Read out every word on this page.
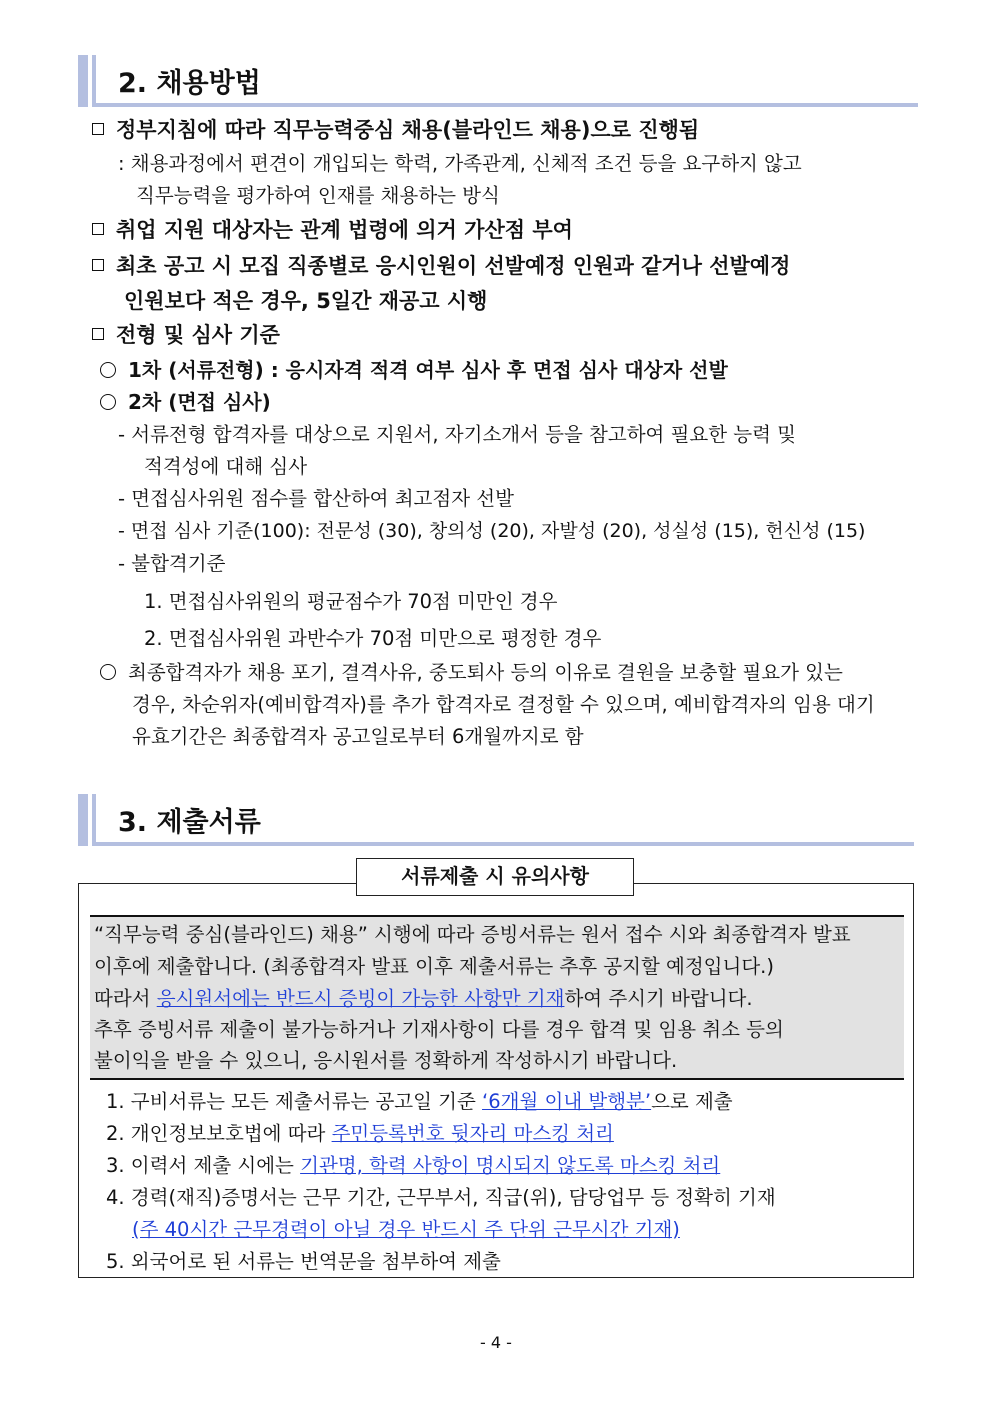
2. 채용방법
정부지침에 따라 직무능력중심 채용(블라인드 채용)으로 진행됨
: 채용과정에서 편견이 개입되는 학력, 가족관계, 신체적 조건 등을 요구하지 않고
직무능력을 평가하여 인재를 채용하는 방식
취업 지원 대상자는 관계 법령에 의거 가산점 부여
최초 공고 시 모집 직종별로 응시인원이 선발예정 인원과 같거나 선발예정
인원보다 적은 경우, 5일간 재공고 시행
전형 및 심사 기준
1차 (서류전형) : 응시자격 적격 여부 심사 후 면접 심사 대상자 선발
2차 (면접 심사)
- 서류전형 합격자를 대상으로 지원서, 자기소개서 등을 참고하여 필요한 능력 및
적격성에 대해 심사
- 면접심사위원 점수를 합산하여 최고점자 선발
- 면접 심사 기준(100): 전문성 (30), 창의성 (20), 자발성 (20), 성실성 (15), 헌신성 (15)
- 불합격기준
1. 면접심사위원의 평균점수가 70점 미만인 경우
2. 면접심사위원 과반수가 70점 미만으로 평정한 경우
최종합격자가 채용 포기, 결격사유, 중도퇴사 등의 이유로 결원을 보충할 필요가 있는
경우, 차순위자(예비합격자)를 추가 합격자로 결정할 수 있으며, 예비합격자의 임용 대기
유효기간은 최종합격자 공고일로부터 6개월까지로 함
3. 제출서류
서류제출 시 유의사항
“직무능력 중심(블라인드) 채용” 시행에 따라 증빙서류는 원서 접수 시와 최종합격자 발표
이후에 제출합니다. (최종합격자 발표 이후 제출서류는 추후 공지할 예정입니다.)
따라서 응시원서에는 반드시 증빙이 가능한 사항만 기재하여 주시기 바랍니다.
추후 증빙서류 제출이 불가능하거나 기재사항이 다를 경우 합격 및 임용 취소 등의
불이익을 받을 수 있으니, 응시원서를 정확하게 작성하시기 바랍니다.
1. 구비서류는 모든 제출서류는 공고일 기준 ‘6개월 이내 발행분’으로 제출
2. 개인정보보호법에 따라 주민등록번호 뒷자리 마스킹 처리
3. 이력서 제출 시에는 기관명, 학력 사항이 명시되지 않도록 마스킹 처리
4. 경력(재직)증명서는 근무 기간, 근무부서, 직급(위), 담당업무 등 정확히 기재
(주 40시간 근무경력이 아닐 경우 반드시 주 단위 근무시간 기재)
5. 외국어로 된 서류는 번역문을 첨부하여 제출
- 4 -
